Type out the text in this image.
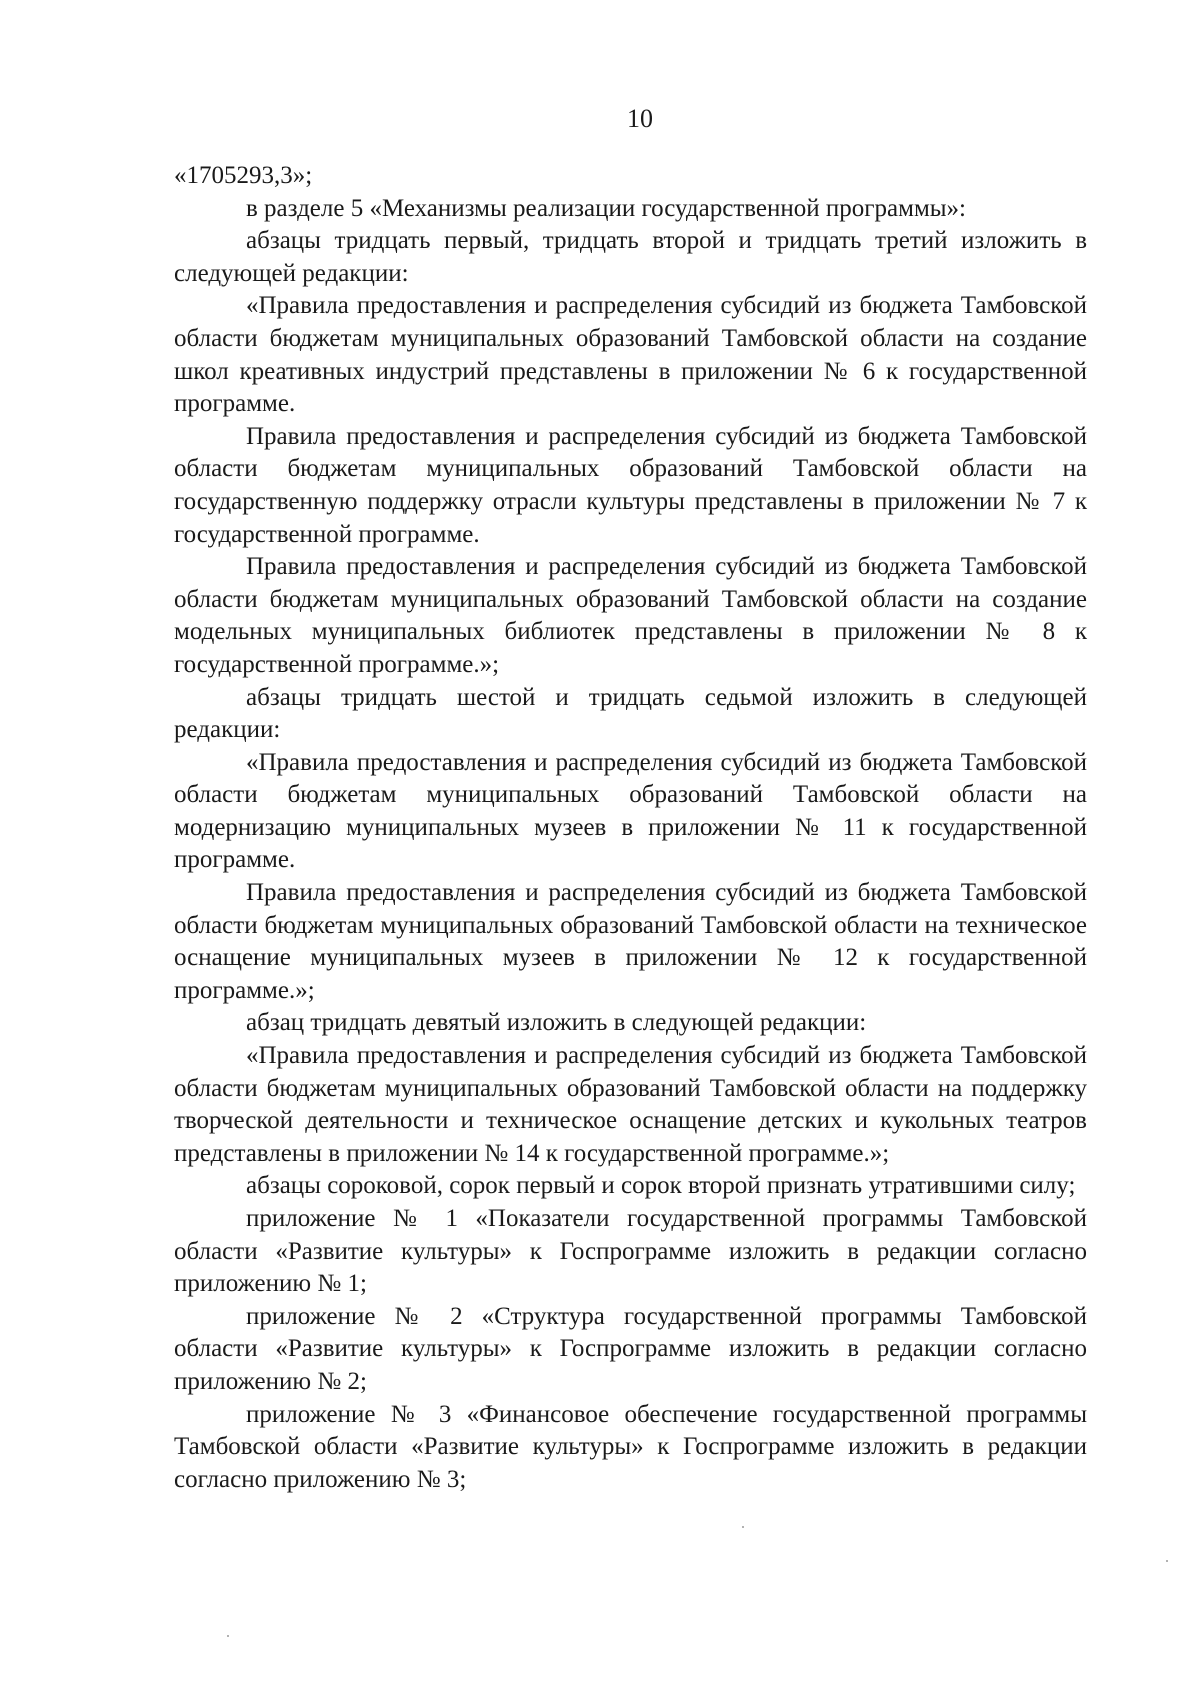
10

«1705293,3»;

в разделе 5 «Механизмы реализации государственной программы»:

абзацы тридцать первый, тридцать второй и тридцать третий изложить в следующей редакции:

«Правила предоставления и распределения субсидий из бюджета Тамбовской области бюджетам муниципальных образований Тамбовской области на создание школ креативных индустрий представлены в приложении № 6 к государственной программе.

Правила предоставления и распределения субсидий из бюджета Тамбовской области бюджетам муниципальных образований Тамбовской области на государственную поддержку отрасли культуры представлены в приложении № 7 к государственной программе.

Правила предоставления и распределения субсидий из бюджета Тамбовской области бюджетам муниципальных образований Тамбовской области на создание модельных муниципальных библиотек представлены в приложении № 8 к государственной программе.»;

абзацы тридцать шестой и тридцать седьмой изложить в следующей редакции:

«Правила предоставления и распределения субсидий из бюджета Тамбовской области бюджетам муниципальных образований Тамбовской области на модернизацию муниципальных музеев в приложении № 11 к государственной программе.

Правила предоставления и распределения субсидий из бюджета Тамбовской области бюджетам муниципальных образований Тамбовской области на техническое оснащение муниципальных музеев в приложении № 12 к государственной программе.»;

абзац тридцать девятый изложить в следующей редакции:

«Правила предоставления и распределения субсидий из бюджета Тамбовской области бюджетам муниципальных образований Тамбовской области на поддержку творческой деятельности и техническое оснащение детских и кукольных театров представлены в приложении № 14 к государственной программе.»;

абзацы сороковой, сорок первый и сорок второй признать утратившими силу;

приложение № 1 «Показатели государственной программы Тамбовской области «Развитие культуры» к Госпрограмме изложить в редакции согласно приложению № 1;

приложение № 2 «Структура государственной программы Тамбовской области «Развитие культуры» к Госпрограмме изложить в редакции согласно приложению № 2;

приложение № 3 «Финансовое обеспечение государственной программы Тамбовской области «Развитие культуры» к Госпрограмме изложить в редакции согласно приложению № 3;
